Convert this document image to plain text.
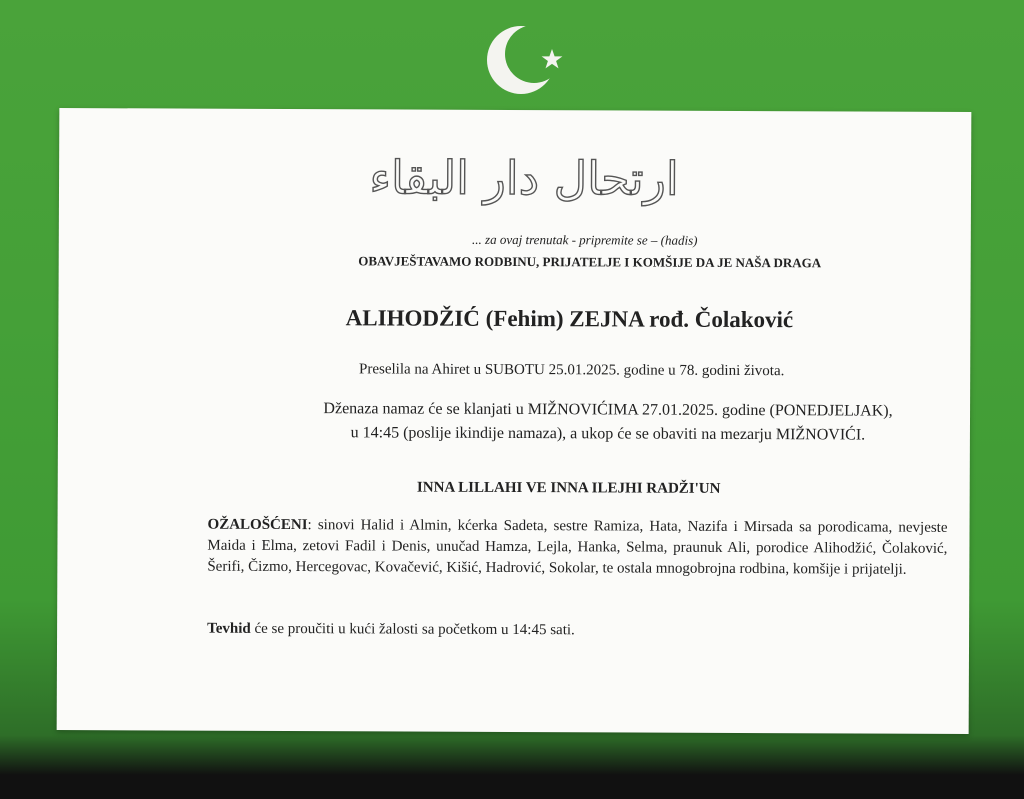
ارتحال دار البقاء
... za ovaj trenutak - pripremite se – (hadis)
OBAVJEŠTAVAMO RODBINU, PRIJATELJE I KOMŠIJE DA JE NAŠA DRAGA
ALIHODŽIĆ (Fehim) ZEJNA rođ. Čolaković
Preselila na Ahiret u SUBOTU 25.01.2025. godine u 78. godini života.
Dženaza namaz će se klanjati u MIŽNOVIĆIMA 27.01.2025. godine (PONEDJELJAK),
u 14:45 (poslije ikindije namaza), a ukop će se obaviti na mezarju MIŽNOVIĆI.
INNA LILLAHI VE INNA ILEJHI RADŽI'UN
OŽALOŠĆENI: sinovi Halid i Almin, kćerka Sadeta, sestre Ramiza, Hata, Nazifa i Mirsada sa porodicama, nevjeste Maida i Elma, zetovi Fadil i Denis, unučad Hamza, Lejla, Hanka, Selma, praunuk Ali, porodice Alihodžić, Čolaković, Šerifi, Čizmo, Hercegovac, Kovačević, Kišić, Hadrović, Sokolar, te ostala mnogobrojna rodbina, komšije i prijatelji.
Tevhid će se proučiti u kući žalosti sa početkom u 14:45 sati.
